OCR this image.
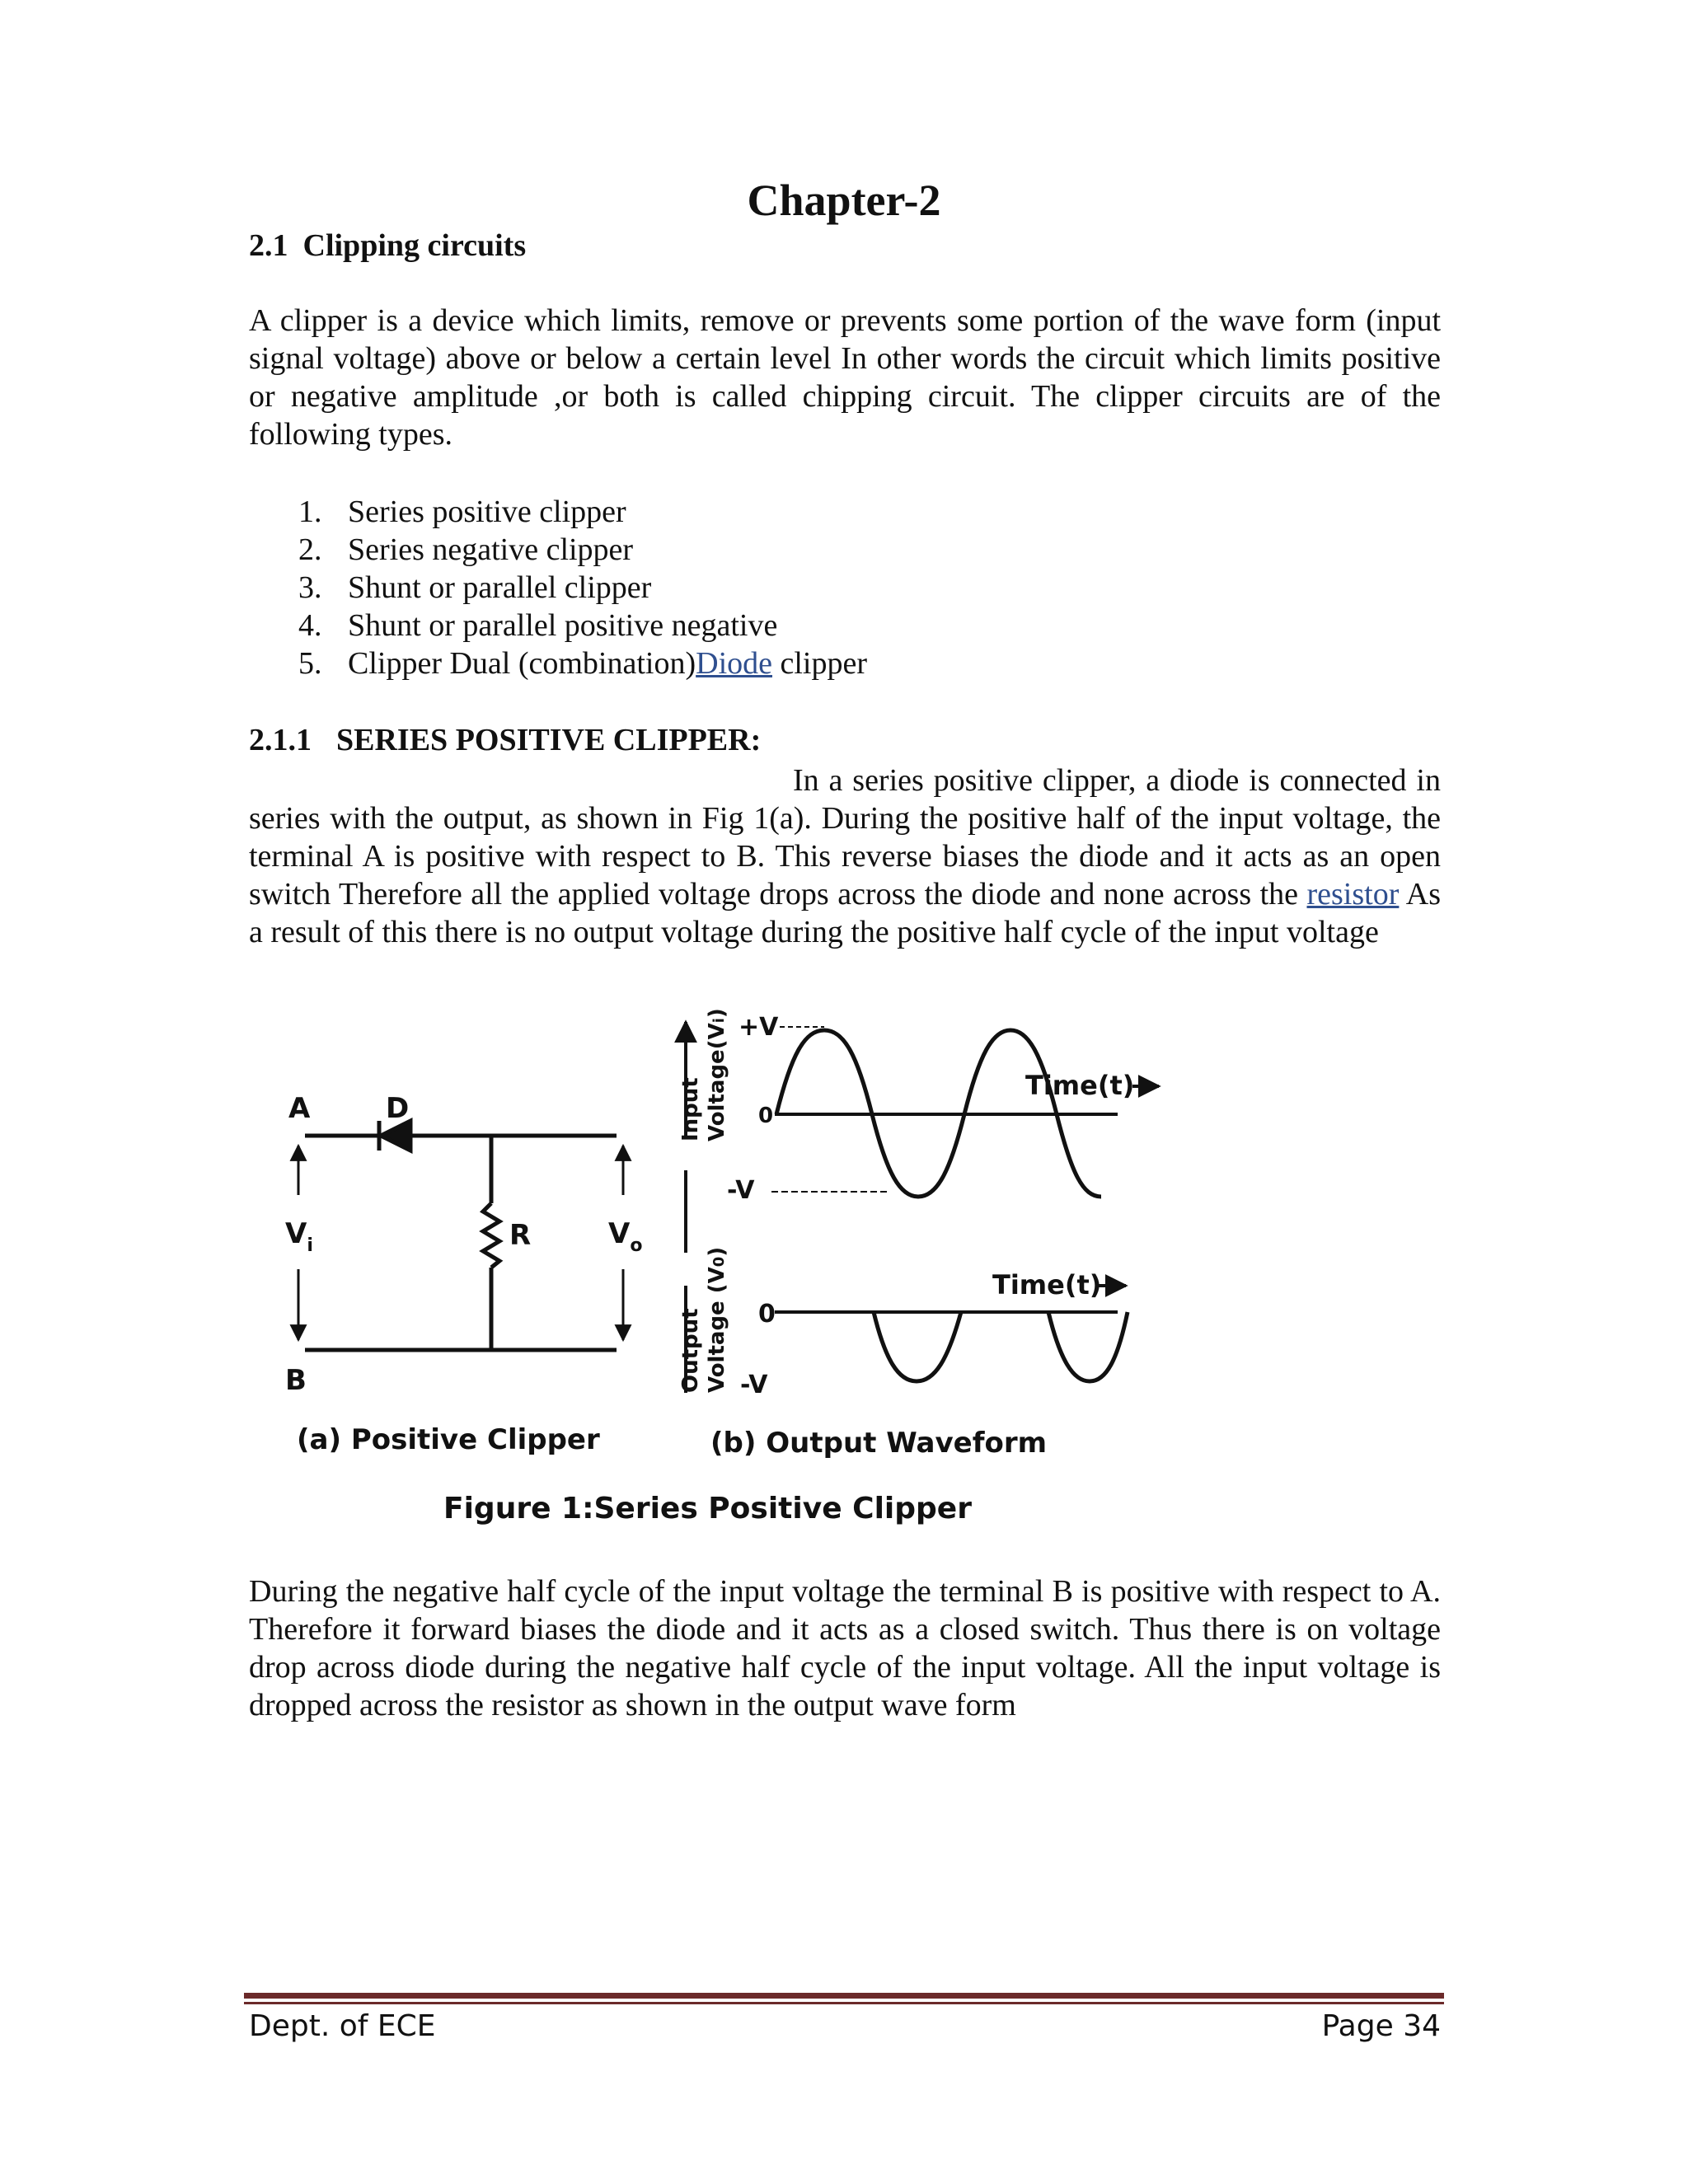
Chapter-2
2.1 Clipping circuits

A clipper is a device which limits, remove or prevents some portion of the wave form (input signal voltage) above or below a certain level In other words the circuit which limits positive or negative amplitude ,or both is called chipping circuit. The clipper circuits are of the following types.

1. Series positive clipper
2. Series negative clipper
3. Shunt or parallel clipper
4. Shunt or parallel positive negative
5. Clipper Dual (combination)Diode clipper
2.1.1 SERIES POSITIVE CLIPPER:

In a series positive clipper, a diode is connected in series with the output, as shown in Fig 1(a). During the positive half of the input voltage, the terminal A is positive with respect to B. This reverse biases the diode and it acts as an open switch Therefore all the applied voltage drops across the diode and none across the resistor As a result of this there is no output voltage during the positive half cycle of the input voltage

A	D
B
R
$V_i$	$V_o$
(a) Positive Clipper
Input Voltage(Vi)
Output Voltage (V0)
+V
0
-V
Time(t)
0
-V
Time(t)
(b) Output Waveform
Figure 1:Series Positive Clipper

During the negative half cycle of the input voltage the terminal B is positive with respect to A. Therefore it forward biases the diode and it acts as a closed switch. Thus there is on voltage drop across diode during the negative half cycle of the input voltage. All the input voltage is dropped across the resistor as shown in the output wave form

Dept. of ECE	Page 34
